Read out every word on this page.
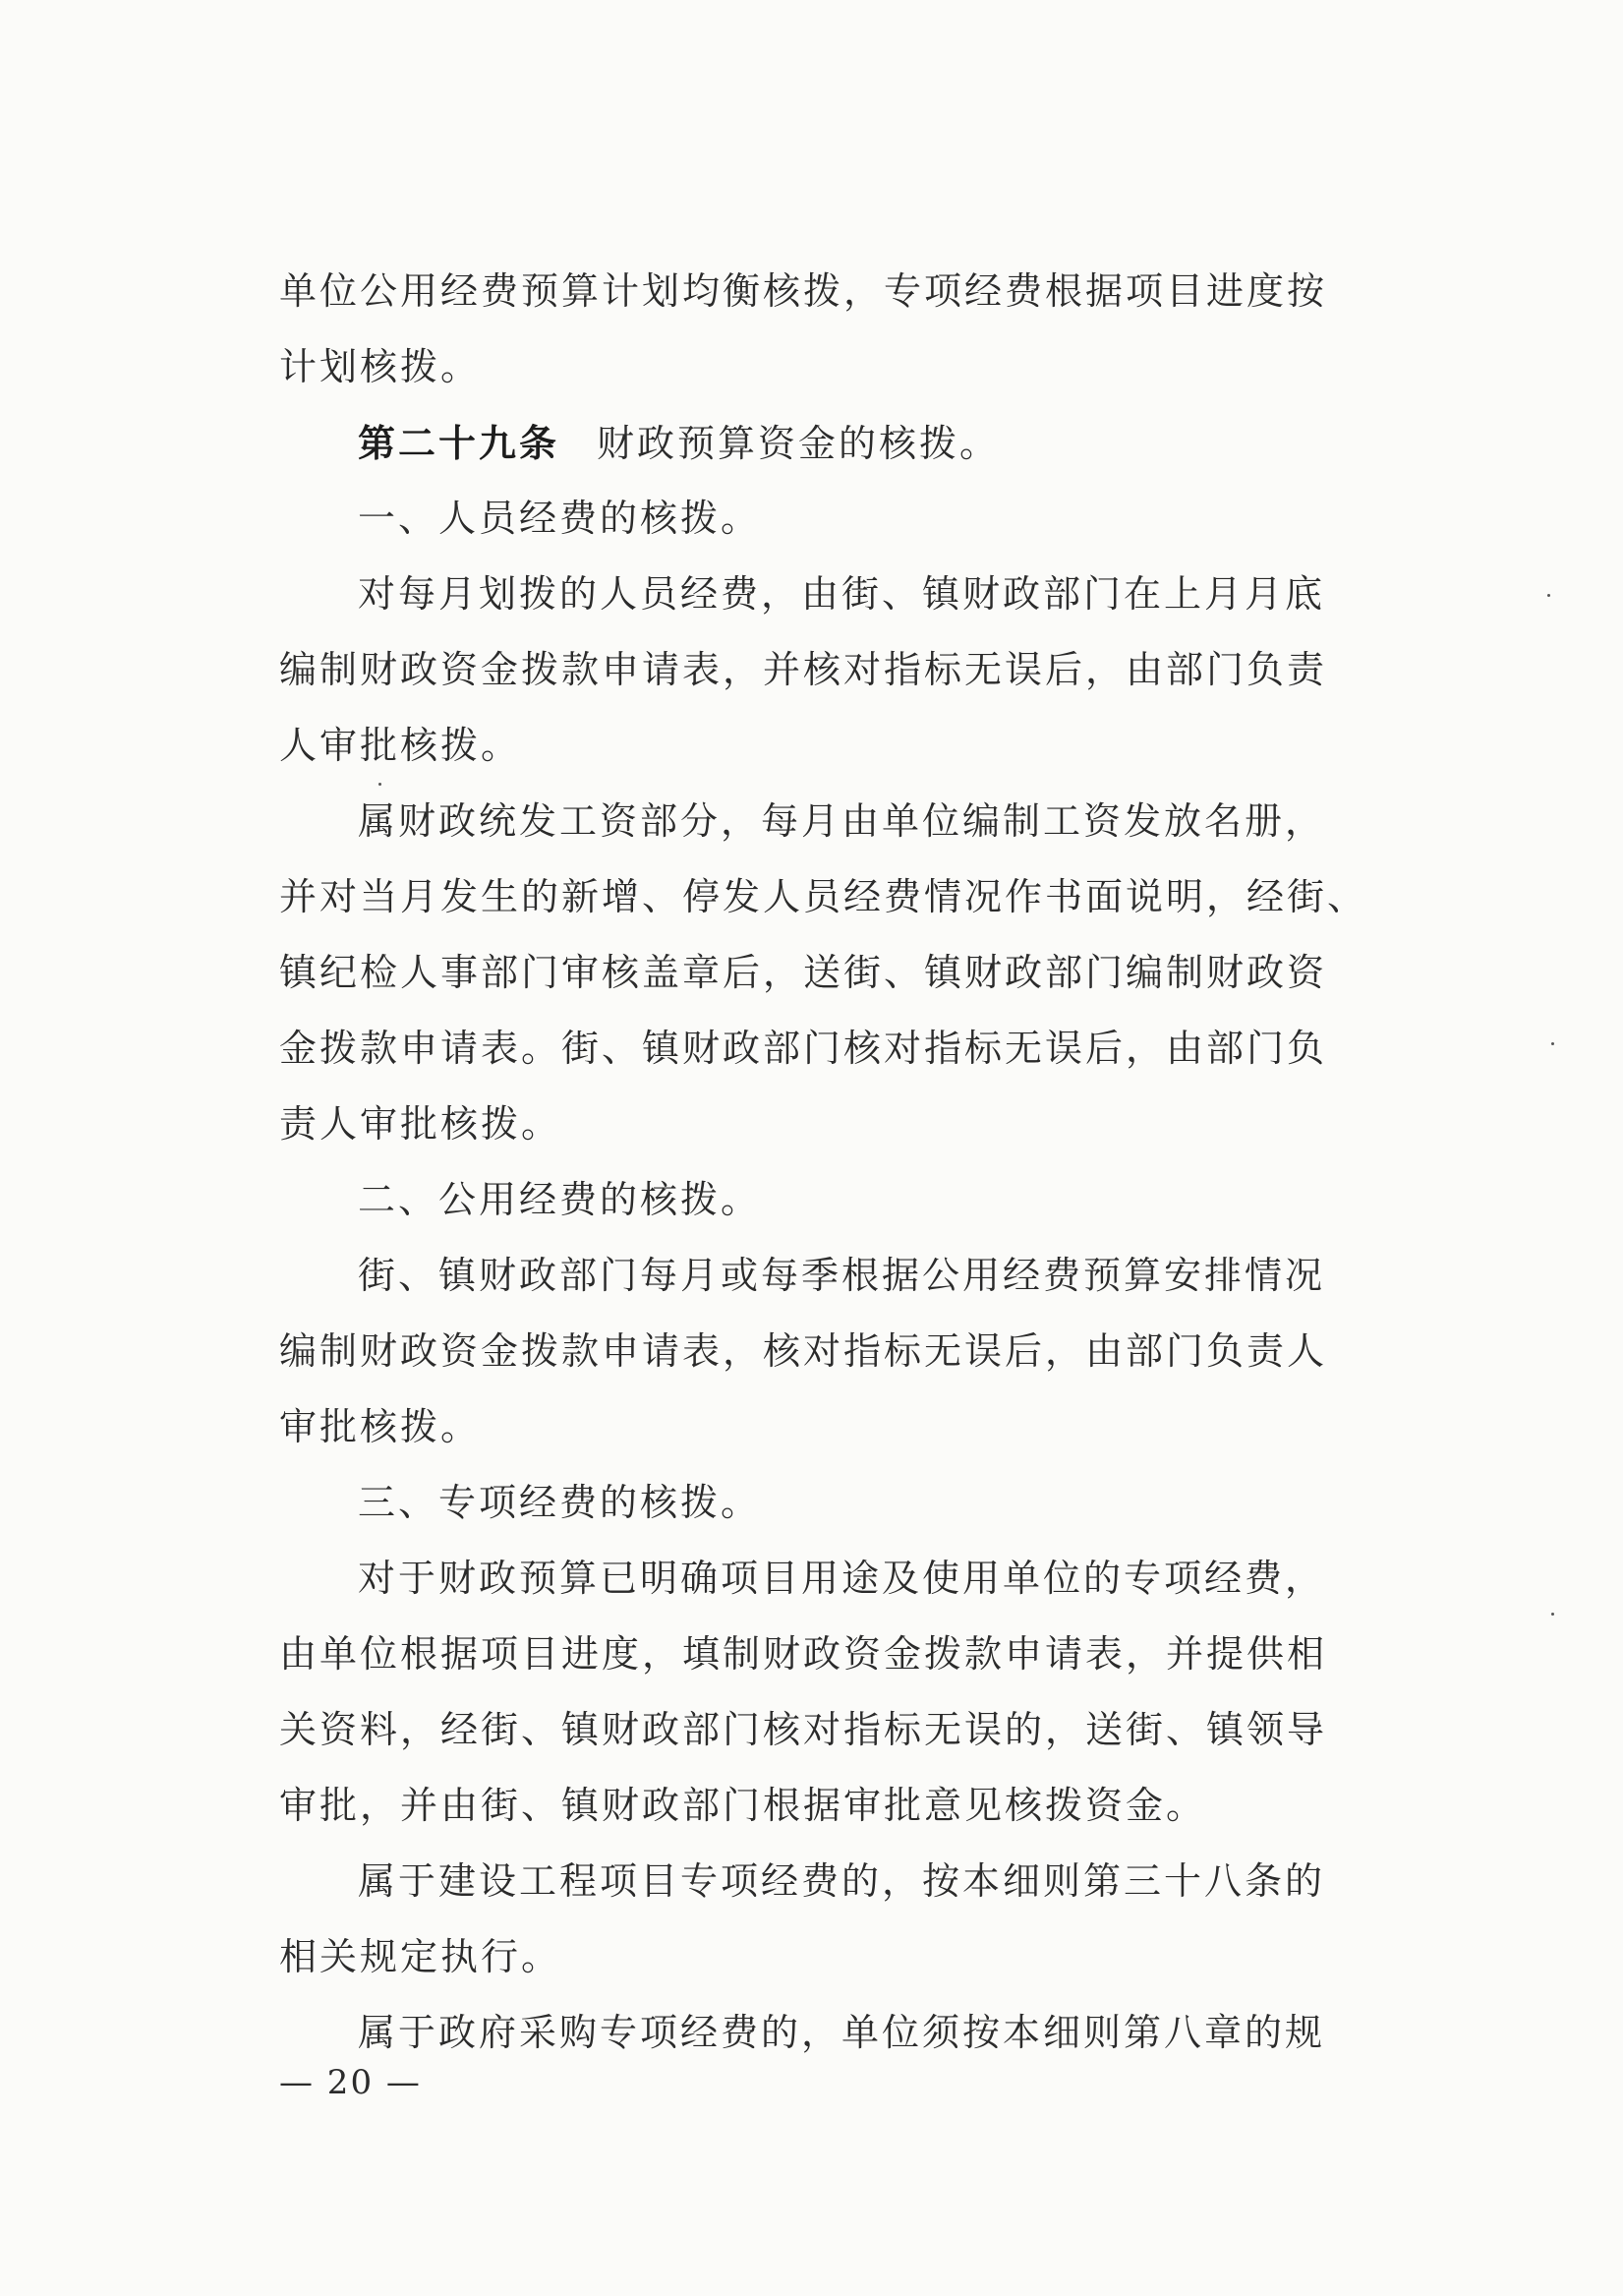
单位公用经费预算计划均衡核拨，专项经费根据项目进度按
计划核拨。
第二十九条 财政预算资金的核拨。
一、人员经费的核拨。
对每月划拨的人员经费，由街、镇财政部门在上月月底
编制财政资金拨款申请表，并核对指标无误后，由部门负责
人审批核拨。
属财政统发工资部分，每月由单位编制工资发放名册，
并对当月发生的新增、停发人员经费情况作书面说明，经街、
镇纪检人事部门审核盖章后，送街、镇财政部门编制财政资
金拨款申请表。街、镇财政部门核对指标无误后，由部门负
责人审批核拨。
二、公用经费的核拨。
街、镇财政部门每月或每季根据公用经费预算安排情况
编制财政资金拨款申请表，核对指标无误后，由部门负责人
审批核拨。
三、专项经费的核拨。
对于财政预算已明确项目用途及使用单位的专项经费，
由单位根据项目进度，填制财政资金拨款申请表，并提供相
关资料，经街、镇财政部门核对指标无误的，送街、镇领导
审批，并由街、镇财政部门根据审批意见核拨资金。
属于建设工程项目专项经费的，按本细则第三十八条的
相关规定执行。
属于政府采购专项经费的，单位须按本细则第八章的规
— 20 —
